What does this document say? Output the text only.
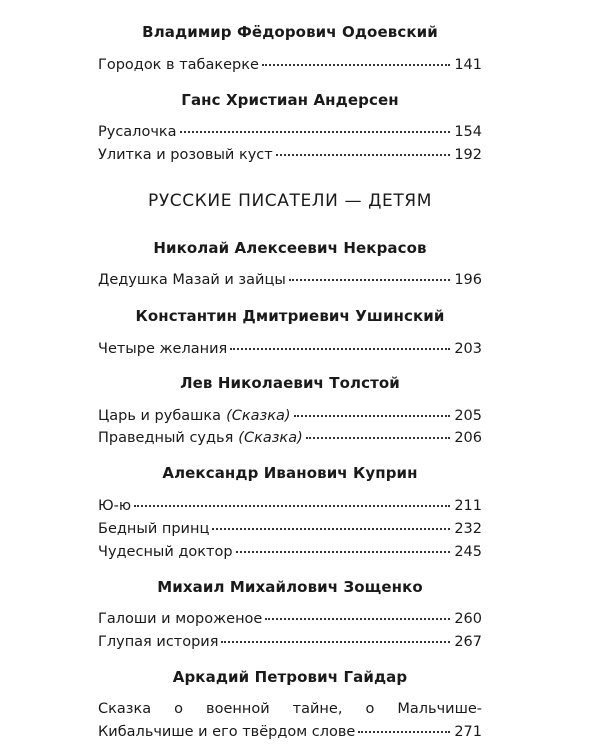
Владимир Фёдорович Одоевский
Городок в табакерке	141
Ганс Христиан Андерсен
Русалочка	154
Улитка и розовый куст	192
РУССКИЕ ПИСАТЕЛИ — ДЕТЯМ
Николай Алексеевич Некрасов
Дедушка Мазай и зайцы	196
Константин Дмитриевич Ушинский
Четыре желания	203
Лев Николаевич Толстой
Царь и рубашка (Сказка)	205
Праведный судья (Сказка)	206
Александр Иванович Куприн
Ю-ю	211
Бедный принц	232
Чудесный доктор	245
Михаил Михайлович Зощенко
Галоши и мороженое	260
Глупая история	267
Аркадий Петрович Гайдар
Сказка о военной тайне, о Мальчише-
Кибальчише и его твёрдом слове	271
